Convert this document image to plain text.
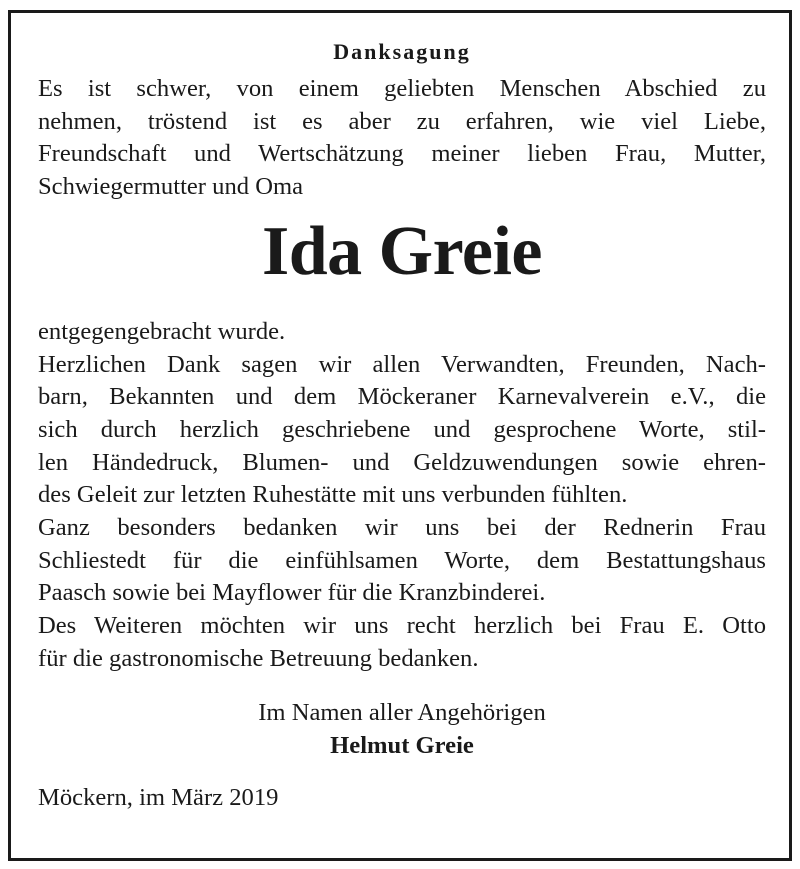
Danksagung
Es ist schwer, von einem geliebten Menschen Abschied zu
nehmen, tröstend ist es aber zu erfahren, wie viel Liebe,
Freundschaft und Wertschätzung meiner lieben Frau, Mutter,
Schwiegermutter und Oma
Ida Greie
entgegengebracht wurde.
Herzlichen Dank sagen wir allen Verwandten, Freunden, Nach-
barn, Bekannten und dem Möckeraner Karnevalverein e.V., die
sich durch herzlich geschriebene und gesprochene Worte, stil-
len Händedruck, Blumen- und Geldzuwendungen sowie ehren-
des Geleit zur letzten Ruhestätte mit uns verbunden fühlten.
Ganz besonders bedanken wir uns bei der Rednerin Frau
Schliestedt für die einfühlsamen Worte, dem Bestattungshaus
Paasch sowie bei Mayflower für die Kranzbinderei.
Des Weiteren möchten wir uns recht herzlich bei Frau E. Otto
für die gastronomische Betreuung bedanken.
Im Namen aller Angehörigen
Helmut Greie
Möckern, im März 2019
